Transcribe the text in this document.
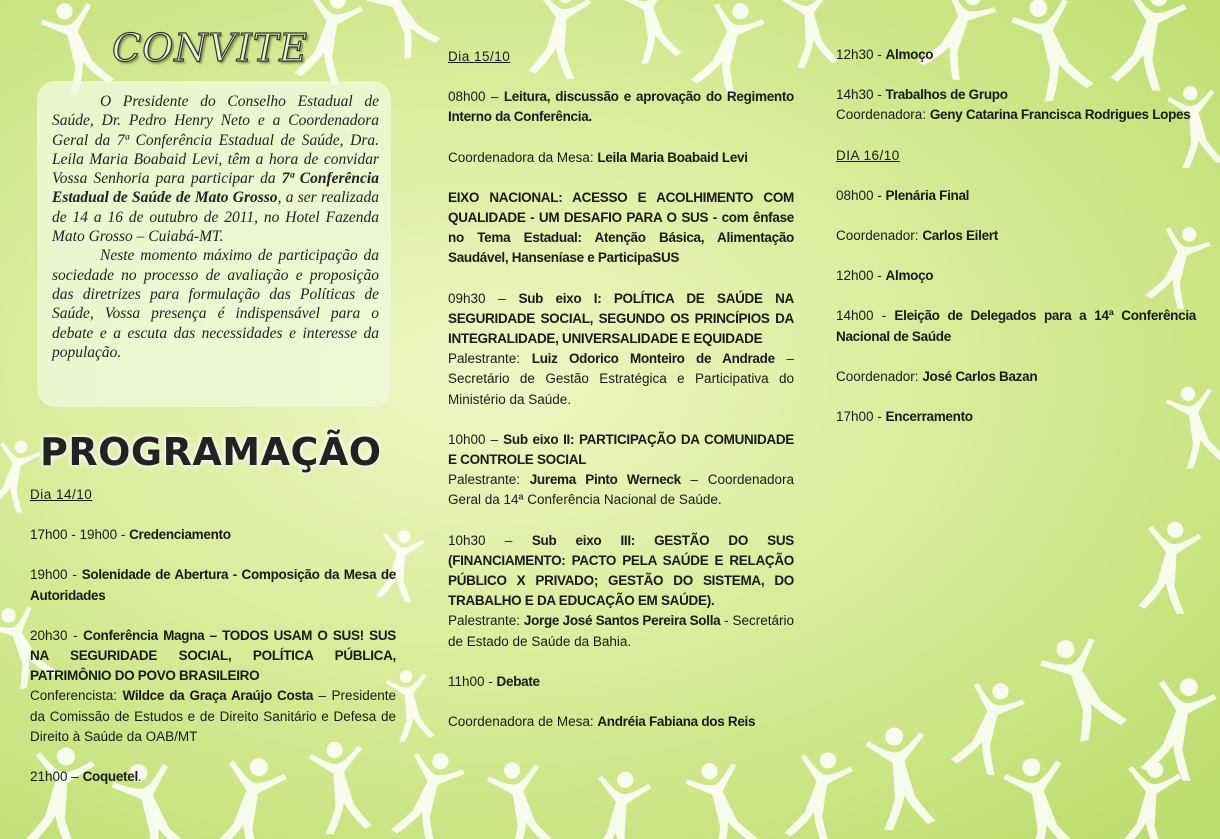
CONVITE

O Presidente do Conselho Estadual de Saúde, Dr. Pedro Henry Neto e a Coordenadora Geral da 7ª Conferência Estadual de Saúde, Dra. Leila Maria Boabaid Levi, têm a hora de convidar Vossa Senhoria para participar da 7ª Conferência Estadual de Saúde de Mato Grosso, a ser realizada de 14 a 16 de outubro de 2011, no Hotel Fazenda Mato Grosso – Cuiabá-MT.

Neste momento máximo de participação da sociedade no processo de avaliação e proposição das diretrizes para formulação das Políticas de Saúde, Vossa presença é indispensável para o debate e a escuta das necessidades e interesse da população.

PROGRAMAÇÃO

Dia 14/10

17h00 - 19h00 - Credenciamento

19h00 - Solenidade de Abertura - Composição da Mesa de Autoridades

20h30 - Conferência Magna – TODOS USAM O SUS! SUS NA SEGURIDADE SOCIAL, POLÍTICA PÚBLICA, PATRIMÔNIO DO POVO BRASILEIRO
Conferencista: Wildce da Graça Araújo Costa – Presidente da Comissão de Estudos e de Direito Sanitário e Defesa de Direito à Saúde da OAB/MT

21h00 – Coquetel.

Dia 15/10

08h00 – Leitura, discussão e aprovação do Regimento Interno da Conferência.

Coordenadora da Mesa: Leila Maria Boabaid Levi

EIXO NACIONAL: ACESSO E ACOLHIMENTO COM QUALIDADE - UM DESAFIO PARA O SUS - com ênfase no Tema Estadual: Atenção Básica, Alimentação Saudável, Hanseníase e ParticipaSUS

09h30 – Sub eixo I: POLÍTICA DE SAÚDE NA SEGURIDADE SOCIAL, SEGUNDO OS PRINCÍPIOS DA INTEGRALIDADE, UNIVERSALIDADE E EQUIDADE
Palestrante: Luiz Odorico Monteiro de Andrade – Secretário de Gestão Estratégica e Participativa do Ministério da Saúde.

10h00 – Sub eixo II: PARTICIPAÇÃO DA COMUNIDADE E CONTROLE SOCIAL
Palestrante: Jurema Pinto Werneck – Coordenadora Geral da 14ª Conferência Nacional de Saúde.

10h30 – Sub eixo III: GESTÃO DO SUS (FINANCIAMENTO: PACTO PELA SAÚDE E RELAÇÃO PÚBLICO X PRIVADO; GESTÃO DO SISTEMA, DO TRABALHO E DA EDUCAÇÃO EM SAÚDE).
Palestrante: Jorge José Santos Pereira Solla - Secretário de Estado de Saúde da Bahia.

11h00 - Debate

Coordenadora de Mesa: Andréia Fabiana dos Reis

12h30 - Almoço

14h30 - Trabalhos de Grupo
Coordenadora: Geny Catarina Francisca Rodrigues Lopes

DIA 16/10

08h00 - Plenária Final

Coordenador: Carlos Eilert

12h00 - Almoço

14h00 - Eleição de Delegados para a 14ª Conferência Nacional de Saúde

Coordenador: José Carlos Bazan

17h00 - Encerramento
